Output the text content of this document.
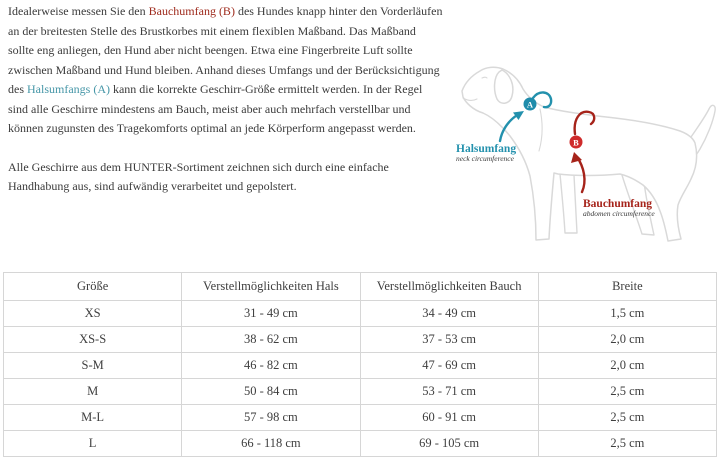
Idealerweise messen Sie den Bauchumfang (B) des Hundes knapp hinter den Vorderläufen an der breitesten Stelle des Brustkorbes mit einem flexiblen Maßband. Das Maßband sollte eng anliegen, den Hund aber nicht beengen. Etwa eine Fingerbreite Luft sollte zwischen Maßband und Hund bleiben. Anhand dieses Umfangs und der Berücksichtigung des Halsumfangs (A) kann die korrekte Geschirr-Größe ermittelt werden. In der Regel sind alle Geschirre mindestens am Bauch, meist aber auch mehrfach verstellbar und können zugunsten des Tragekomforts optimal an jede Körperform angepasst werden.

Alle Geschirre aus dem HUNTER-Sortiment zeichnen sich durch eine einfache Handhabung aus, sind aufwändig verarbeitet und gepolstert.

A
B
Halsumfang
neck circumference
Bauchumfang
abdomen circumference
Größe	Verstellmöglichkeiten Hals	Verstellmöglichkeiten Bauch	Breite
XS	31 - 49 cm	34 - 49 cm	1,5 cm
XS-S	38 - 62 cm	37 - 53 cm	2,0 cm
S-M	46 - 82 cm	47 - 69 cm	2,0 cm
M	50 - 84 cm	53 - 71 cm	2,5 cm
M-L	57 - 98 cm	60 - 91 cm	2,5 cm
L	66 - 118 cm	69 - 105 cm	2,5 cm
